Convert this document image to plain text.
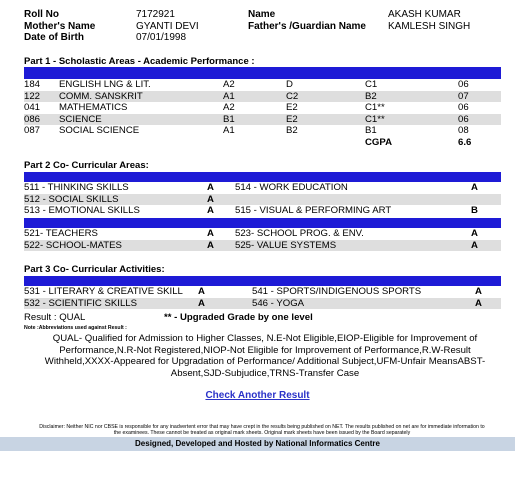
Roll No	7172921	Name	AKASH KUMAR
Mother's Name	GYANTI DEVI	Father's /Guardian Name KAMLESH SINGH
Date of Birth	07/01/1998
Part 1 - Scholastic Areas - Academic Performance :
184 ENGLISH LNG & LIT.	A2	D	C1	06
122 COMM. SANSKRIT	A1	C2	B2	07
041 MATHEMATICS	A2	E2	C1**	06
086 SCIENCE	B1	E2	C1**	06
087 SOCIAL SCIENCE	A1	B2	B1	08
CGPA	6.6
Part 2 Co- Curricular Areas:
511 - THINKING SKILLS	A 514 - WORK EDUCATION	A
512 - SOCIAL SKILLS	A
513 - EMOTIONAL SKILLS	A 515 - VISUAL & PERFORMING ART	B
521- TEACHERS	A 523- SCHOOL PROG. & ENV.	A
522- SCHOOL-MATES	A 525- VALUE SYSTEMS	A
Part 3 Co- Curricular Activities:
531 - LITERARY & CREATIVE SKILL A	541 - SPORTS/INDIGENOUS SPORTS	A
532 - SCIENTIFIC SKILLS	A	546 - YOGA	A
Result : QUAL	** - Upgraded Grade by one level
Note :Abbreviations used against Result :
QUAL- Qualified for Admission to Higher Classes, N.E-Not Eligible,EIOP-Eligible for Improvement of Performance,N.R-Not Registered,NIOP-Not Eligible for Improvement of Performance,R.W-Result Withheld,XXXX-Appeared for Upgradation of Performance/ Additional Subject,UFM-Unfair MeansABST-Absent,SJD-Subjudice,TRNS-Transfer Case
Check Another Result
Disclaimer: Neither NIC nor CBSE is responsible for any inadvertent error that may have crept in the results being published on NET. The results published on net are for immediate information to the examinees. These cannot be treated as original mark sheets. Original mark sheets have been issued by the Board separately
Designed, Developed and Hosted by National Informatics Centre
